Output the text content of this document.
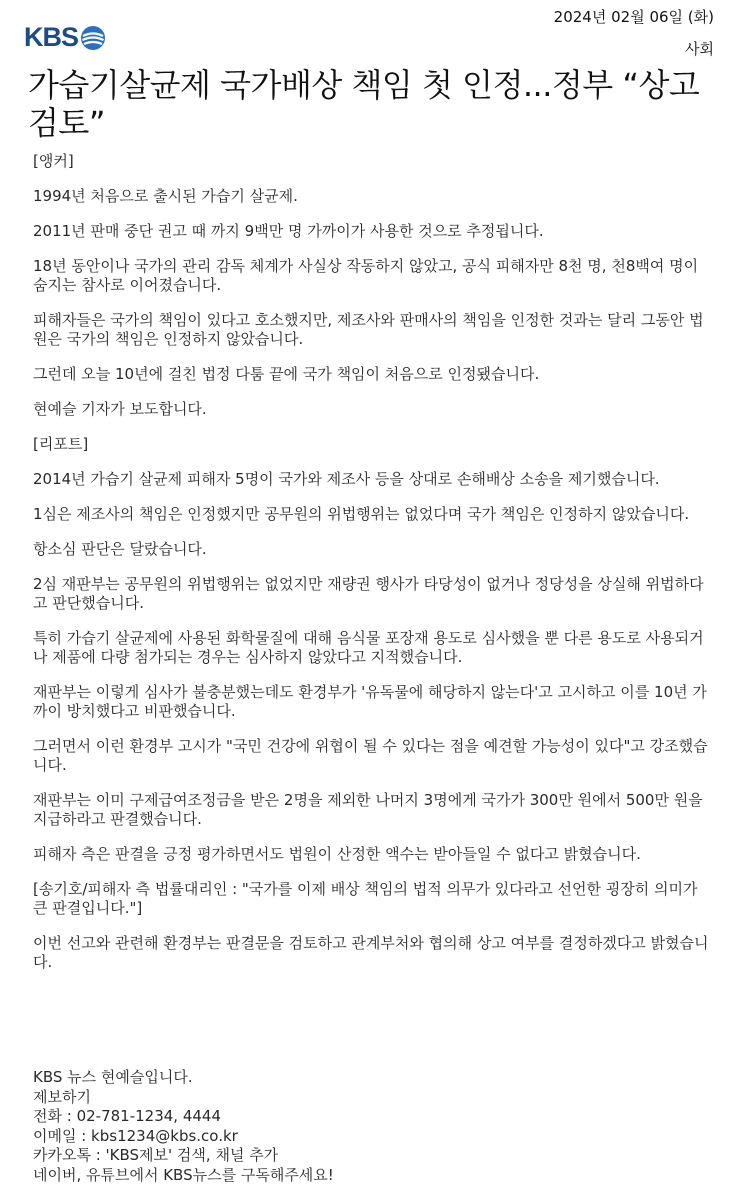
2024년 02월 06일 (화)
KBS	사회
가습기살균제 국가배상 책임 첫 인정...정부 “상고 검토”

[앵커]

1994년 처음으로 출시된 가습기 살균제.

2011년 판매 중단 권고 때 까지 9백만 명 가까이가 사용한 것으로 추정됩니다.

18년 동안이나 국가의 관리 감독 체계가 사실상 작동하지 않았고, 공식 피해자만 8천 명, 천8백여 명이 숨지는 참사로 이어졌습니다.

피해자들은 국가의 책임이 있다고 호소했지만, 제조사와 판매사의 책임을 인정한 것과는 달리 그동안 법원은 국가의 책임은 인정하지 않았습니다.

그런데 오늘 10년에 걸친 법정 다툼 끝에 국가 책임이 처음으로 인정됐습니다.

현예슬 기자가 보도합니다.

[리포트]

2014년 가습기 살균제 피해자 5명이 국가와 제조사 등을 상대로 손해배상 소송을 제기했습니다.

1심은 제조사의 책임은 인정했지만 공무원의 위법행위는 없었다며 국가 책임은 인정하지 않았습니다.

항소심 판단은 달랐습니다.

2심 재판부는 공무원의 위법행위는 없었지만 재량권 행사가 타당성이 없거나 정당성을 상실해 위법하다고 판단했습니다.

특히 가습기 살균제에 사용된 화학물질에 대해 음식물 포장재 용도로 심사했을 뿐 다른 용도로 사용되거나 제품에 다량 첨가되는 경우는 심사하지 않았다고 지적했습니다.

재판부는 이렇게 심사가 불충분했는데도 환경부가 '유독물에 해당하지 않는다'고 고시하고 이를 10년 가까이 방치했다고 비판했습니다.

그러면서 이런 환경부 고시가 "국민 건강에 위협이 될 수 있다는 점을 예견할 가능성이 있다"고 강조했습니다.

재판부는 이미 구제급여조정금을 받은 2명을 제외한 나머지 3명에게 국가가 300만 원에서 500만 원을 지급하라고 판결했습니다.

피해자 측은 판결을 긍정 평가하면서도 법원이 산정한 액수는 받아들일 수 없다고 밝혔습니다.

[송기호/피해자 측 법률대리인 : "국가를 이제 배상 책임의 법적 의무가 있다라고 선언한 굉장히 의미가 큰 판결입니다."]

이번 선고와 관련해 환경부는 판결문을 검토하고 관계부처와 협의해 상고 여부를 결정하겠다고 밝혔습니다.

KBS 뉴스 현예슬입니다.
제보하기
전화 : 02-781-1234, 4444
이메일 : kbs1234@kbs.co.kr
카카오톡 : 'KBS제보' 검색, 채널 추가
네이버, 유튜브에서 KBS뉴스를 구독해주세요!
